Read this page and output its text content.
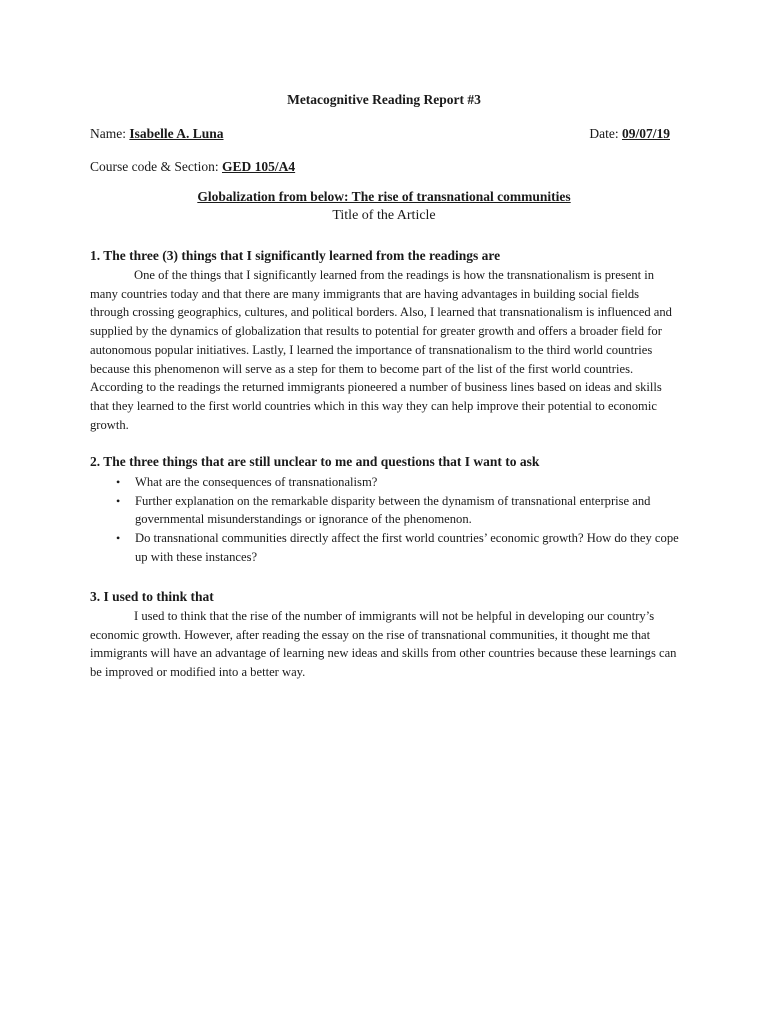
Metacognitive Reading Report #3
Name: Isabelle A. Luna	Date: 09/07/19
Course code & Section: GED 105/A4
Globalization from below: The rise of transnational communities
Title of the Article
1. The three (3) things that I significantly learned from the readings are
One of the things that I significantly learned from the readings is how the transnationalism is present in many countries today and that there are many immigrants that are having advantages in building social fields through crossing geographics, cultures, and political borders. Also, I learned that transnationalism is influenced and supplied by the dynamics of globalization that results to potential for greater growth and offers a broader field for autonomous popular initiatives. Lastly, I learned the importance of transnationalism to the third world countries because this phenomenon will serve as a step for them to become part of the list of the first world countries. According to the readings the returned immigrants pioneered a number of business lines based on ideas and skills that they learned to the first world countries which in this way they can help improve their potential to economic growth.
2. The three things that are still unclear to me and questions that I want to ask
• What are the consequences of transnationalism?
• Further explanation on the remarkable disparity between the dynamism of transnational enterprise and governmental misunderstandings or ignorance of the phenomenon.
• Do transnational communities directly affect the first world countries’ economic growth? How do they cope up with these instances?
3. I used to think that
I used to think that the rise of the number of immigrants will not be helpful in developing our country’s economic growth. However, after reading the essay on the rise of transnational communities, it thought me that immigrants will have an advantage of learning new ideas and skills from other countries because these learnings can be improved or modified into a better way.
